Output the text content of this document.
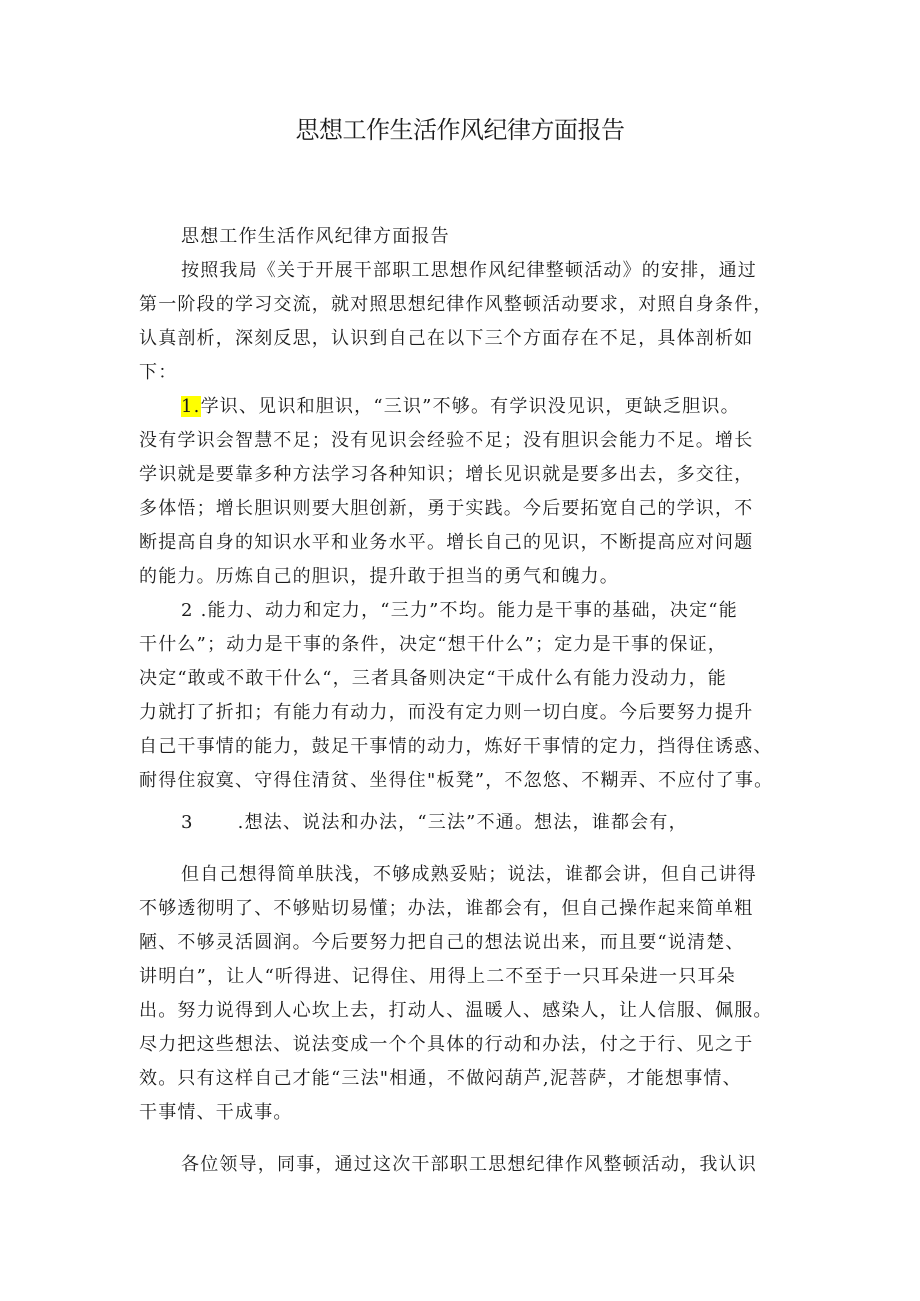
思想工作生活作风纪律方面报告
思想工作生活作风纪律方面报告
按照我局《关于开展干部职工思想作风纪律整顿活动》的安排，通过
第一阶段的学习交流，就对照思想纪律作风整顿活动要求，对照自身条件，
认真剖析，深刻反思，认识到自己在以下三个方面存在不足，具体剖析如
下：
1.学识、见识和胆识，“三识”不够。有学识没见识，更缺乏胆识。
没有学识会智慧不足；没有见识会经验不足；没有胆识会能力不足。增长
学识就是要靠多种方法学习各种知识；增长见识就是要多出去，多交往，
多体悟；增长胆识则要大胆创新，勇于实践。今后要拓宽自己的学识，不
断提高自身的知识水平和业务水平。增长自己的见识，不断提高应对问题
的能力。历炼自己的胆识，提升敢于担当的勇气和魄力。
2 .能力、动力和定力，“三力”不均。能力是干事的基础，决定“能
干什么”；动力是干事的条件，决定“想干什么”；定力是干事的保证，
决定“敢或不敢干什么“，三者具备则决定“干成什么有能力没动力，能
力就打了折扣；有能力有动力，而没有定力则一切白度。今后要努力提升
自己干事情的能力，鼓足干事情的动力，炼好干事情的定力，挡得住诱惑、
耐得住寂寞、守得住清贫、坐得住"板凳”，不忽悠、不糊弄、不应付了事。
3 .想法、说法和办法，“三法”不通。想法，谁都会有，
但自己想得简单肤浅，不够成熟妥贴；说法，谁都会讲，但自己讲得
不够透彻明了、不够贴切易懂；办法，谁都会有，但自己操作起来简单粗
陋、不够灵活圆润。今后要努力把自己的想法说出来，而且要“说清楚、
讲明白”，让人“听得进、记得住、用得上二不至于一只耳朵进一只耳朵
出。努力说得到人心坎上去，打动人、温暖人、感染人，让人信服、佩服。
尽力把这些想法、说法变成一个个具体的行动和办法，付之于行、见之于
效。只有这样自己才能“三法"相通，不做闷葫芦,泥菩萨，才能想事情、
干事情、干成事。
各位领导，同事，通过这次干部职工思想纪律作风整顿活动，我认识
